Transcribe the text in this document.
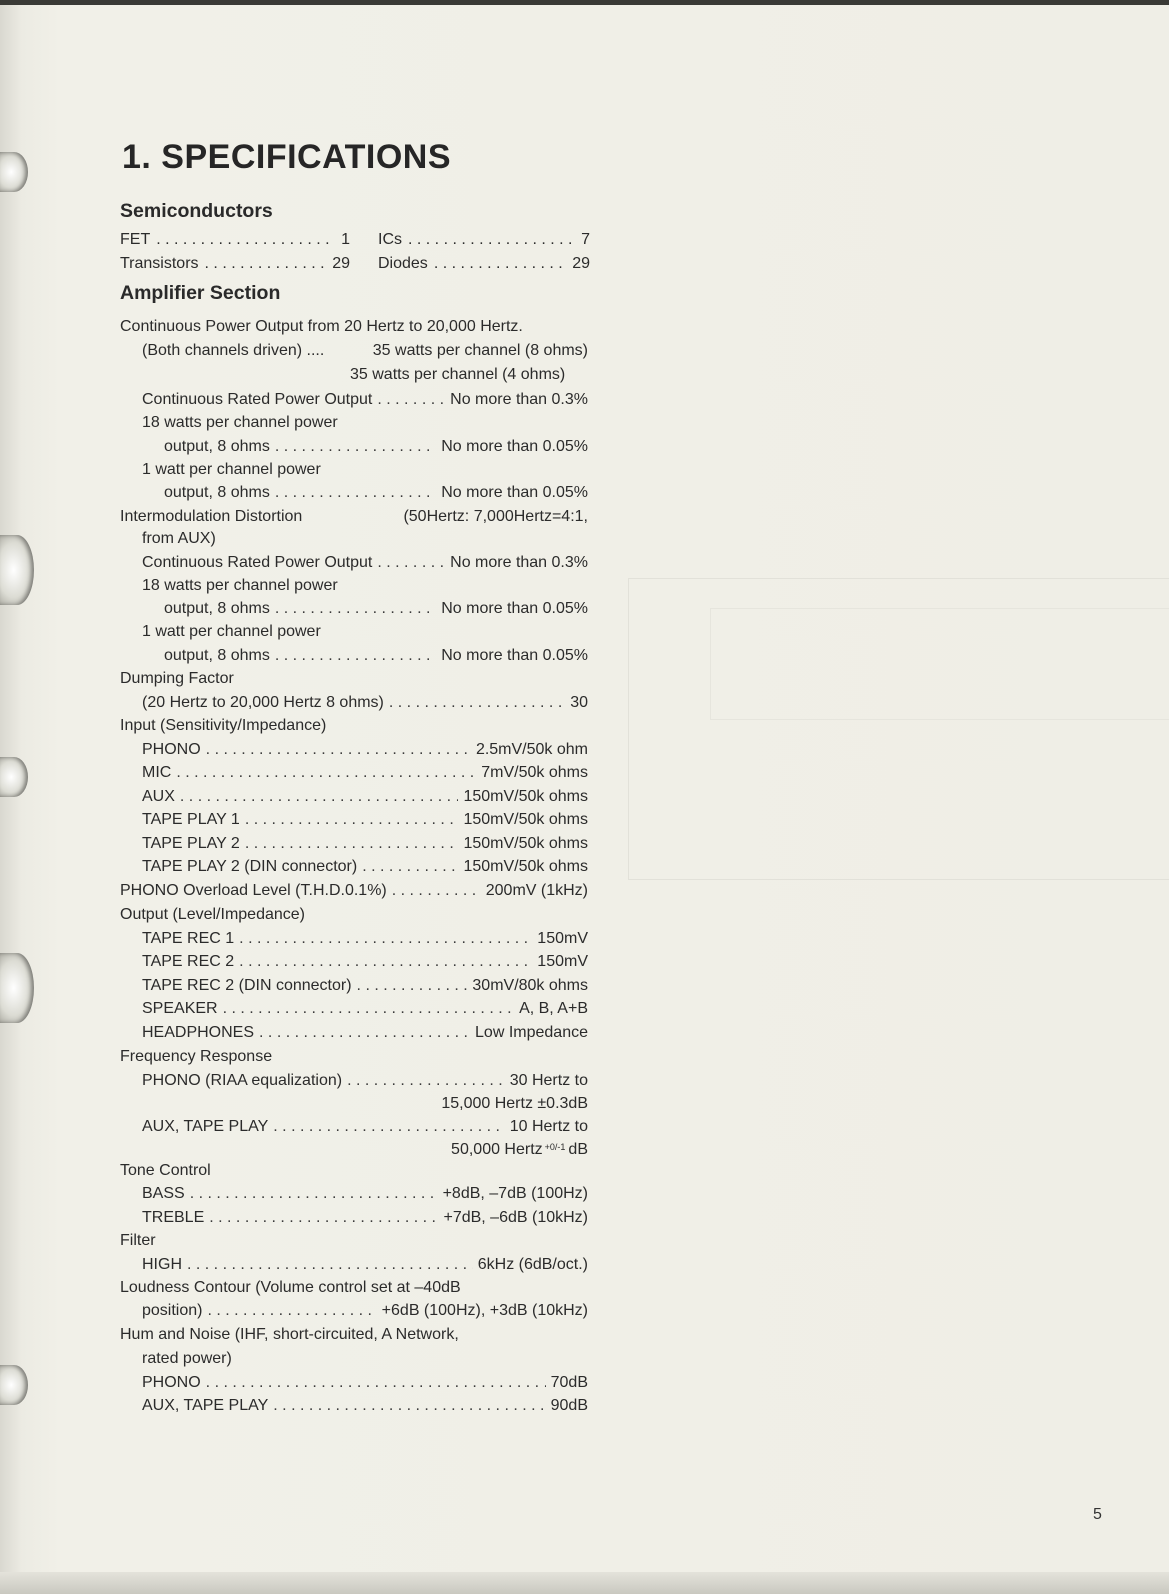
1. SPECIFICATIONS
Semiconductors
FET . . .	1 ICs . . .	7
Transistors . . .	29 Diodes . . .	29
Amplifier Section
Continuous Power Output from 20 Hertz to 20,000 Hertz.
(Both channels driven) ....	35 watts per channel (8 ohms)
35 watts per channel (4 ohms)
Continuous Rated Power Output . . .	No more than 0.3%
18 watts per channel power
output, 8 ohms . . .	No more than 0.05%
1 watt per channel power
output, 8 ohms . . .	No more than 0.05%
Intermodulation Distortion	(50Hertz: 7,000Hertz=4:1,
from AUX)
Continuous Rated Power Output . . .	No more than 0.3%
18 watts per channel power
output, 8 ohms . . .	No more than 0.05%
1 watt per channel power
output, 8 ohms . . .	No more than 0.05%
Dumping Factor
(20 Hertz to 20,000 Hertz 8 ohms) . . .	30
Input (Sensitivity/Impedance)
PHONO . . .	2.5mV/50k ohm
MIC . . .	7mV/50k ohms
AUX . . .	150mV/50k ohms
TAPE PLAY 1 . . .	150mV/50k ohms
TAPE PLAY 2 . . .	150mV/50k ohms
TAPE PLAY 2 (DIN connector) . . .	150mV/50k ohms
PHONO Overload Level (T.H.D.0.1%) . . .	200mV (1kHz)
Output (Level/Impedance)
TAPE REC 1 . . .	150mV
TAPE REC 2 . . .	150mV
TAPE REC 2 (DIN connector) . . .	30mV/80k ohms
SPEAKER . . .	A, B, A+B
HEADPHONES . . .	Low Impedance
Frequency Response
PHONO (RIAA equalization) . . .	30 Hertz to
15,000 Hertz ±0.3dB
AUX, TAPE PLAY . . .	10 Hertz to
50,000 Hertz +0/-1 dB
Tone Control
BASS . . .	+8dB, –7dB (100Hz)
TREBLE . . .	+7dB, –6dB (10kHz)
Filter
HIGH . . .	6kHz (6dB/oct.)
Loudness Contour (Volume control set at –40dB
position) . . .	+6dB (100Hz), +3dB (10kHz)
Hum and Noise (IHF, short-circuited, A Network,
rated power)
PHONO . . .	70dB
AUX, TAPE PLAY . . .	90dB
5
